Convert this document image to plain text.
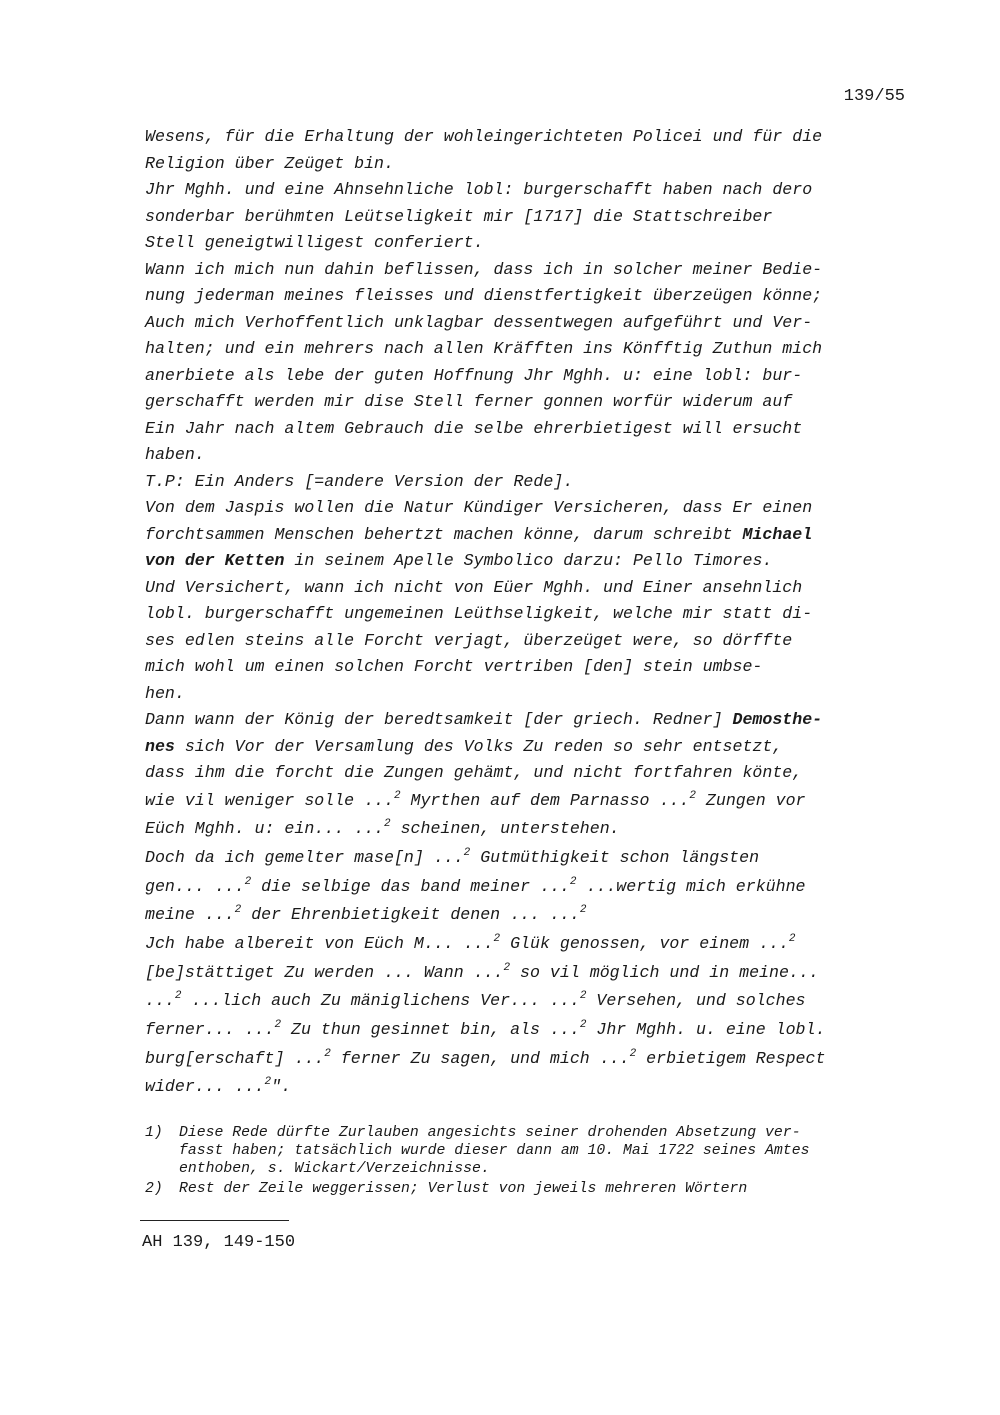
139/55
Wesens, für die Erhaltung der wohleingerichteten Policei und für die
Religion über Zeüget bin.
Jhr Mghh. und eine Ahnsehnliche lobl: burgerschafft haben nach dero
sonderbar berühmten Leütseligkeit mir [1717] die Stattschreiber
Stell geneigtwilligest conferiert.
Wann ich mich nun dahin beflissen, dass ich in solcher meiner Bedie-
nung jederman meines fleisses und dienstfertigkeit überzeügen könne;
Auch mich Verhoffentlich unklagbar dessentwegen aufgeführt und Ver-
halten; und ein mehrers nach allen Kräfften ins Könfftig Zuthun mich
anerbiete als lebe der guten Hoffnung Jhr Mghh. u: eine lobl: bur-
gerschafft werden mir dise Stell ferner gonnen worfür widerum auf
Ein Jahr nach altem Gebrauch die selbe ehrerbietigest will ersucht
haben.
T.P: Ein Anders [=andere Version der Rede].
Von dem Jaspis wollen die Natur Kündiger Versicheren, dass Er einen
forchtsammen Menschen behertzt machen könne, darum schreibt Michael
von der Ketten in seinem Apelle Symbolico darzu: Pello Timores.
Und Versichert, wann ich nicht von Eüer Mghh. und Einer ansehnlich
lobl. burgerschafft ungemeinen Leüthseligkeit, welche mir statt di-
ses edlen steins alle Forcht verjagt, überzeüget were, so dörffte
mich wohl um einen solchen Forcht vertriben [den] stein umbse-
hen.
Dann wann der König der beredtsamkeit [der griech. Redner] Demosthe-
nes sich Vor der Versamlung des Volks Zu reden so sehr entsetzt,
dass ihm die forcht die Zungen gehämt, und nicht fortfahren könte,
wie vil weniger solle ...$^2$ Myrthen auf dem Parnasso ...$^2$ Zungen vor
Eüch Mghh. u: ein... ...$^2$ scheinen, unterstehen.
Doch da ich gemelter mase[n] ...$^2$ Gutmüthigkeit schon längsten
gen... ...$^2$ die selbige das band meiner ...$^2$ ...wertig mich erkühne
meine ...$^2$ der Ehrenbietigkeit denen ... ...$^2$
Jch habe albereit von Eüch M... ...$^2$ Glük genossen, vor einem ...$^2$
[be]stättiget Zu werden ... Wann ...$^2$ so vil möglich und in meine...
...$^2$ ...lich auch Zu mäniglichens Ver... ...$^2$ Versehen, und solches
ferner... ...$^2$ Zu thun gesinnet bin, als ...$^2$ Jhr Mghh. u. eine lobl.
burg[erschaft] ...$^2$ ferner Zu sagen, und mich ...$^2$ erbietigem Respect
wider... ...$^2$".
1)	Diese Rede dürfte Zurlauben angesichts seiner drohenden Absetzung ver-
fasst haben; tatsächlich wurde dieser dann am 10. Mai 1722 seines Amtes
enthoben, s. Wickart/Verzeichnisse.
2)	Rest der Zeile weggerissen; Verlust von jeweils mehreren Wörtern
AH 139, 149-150
